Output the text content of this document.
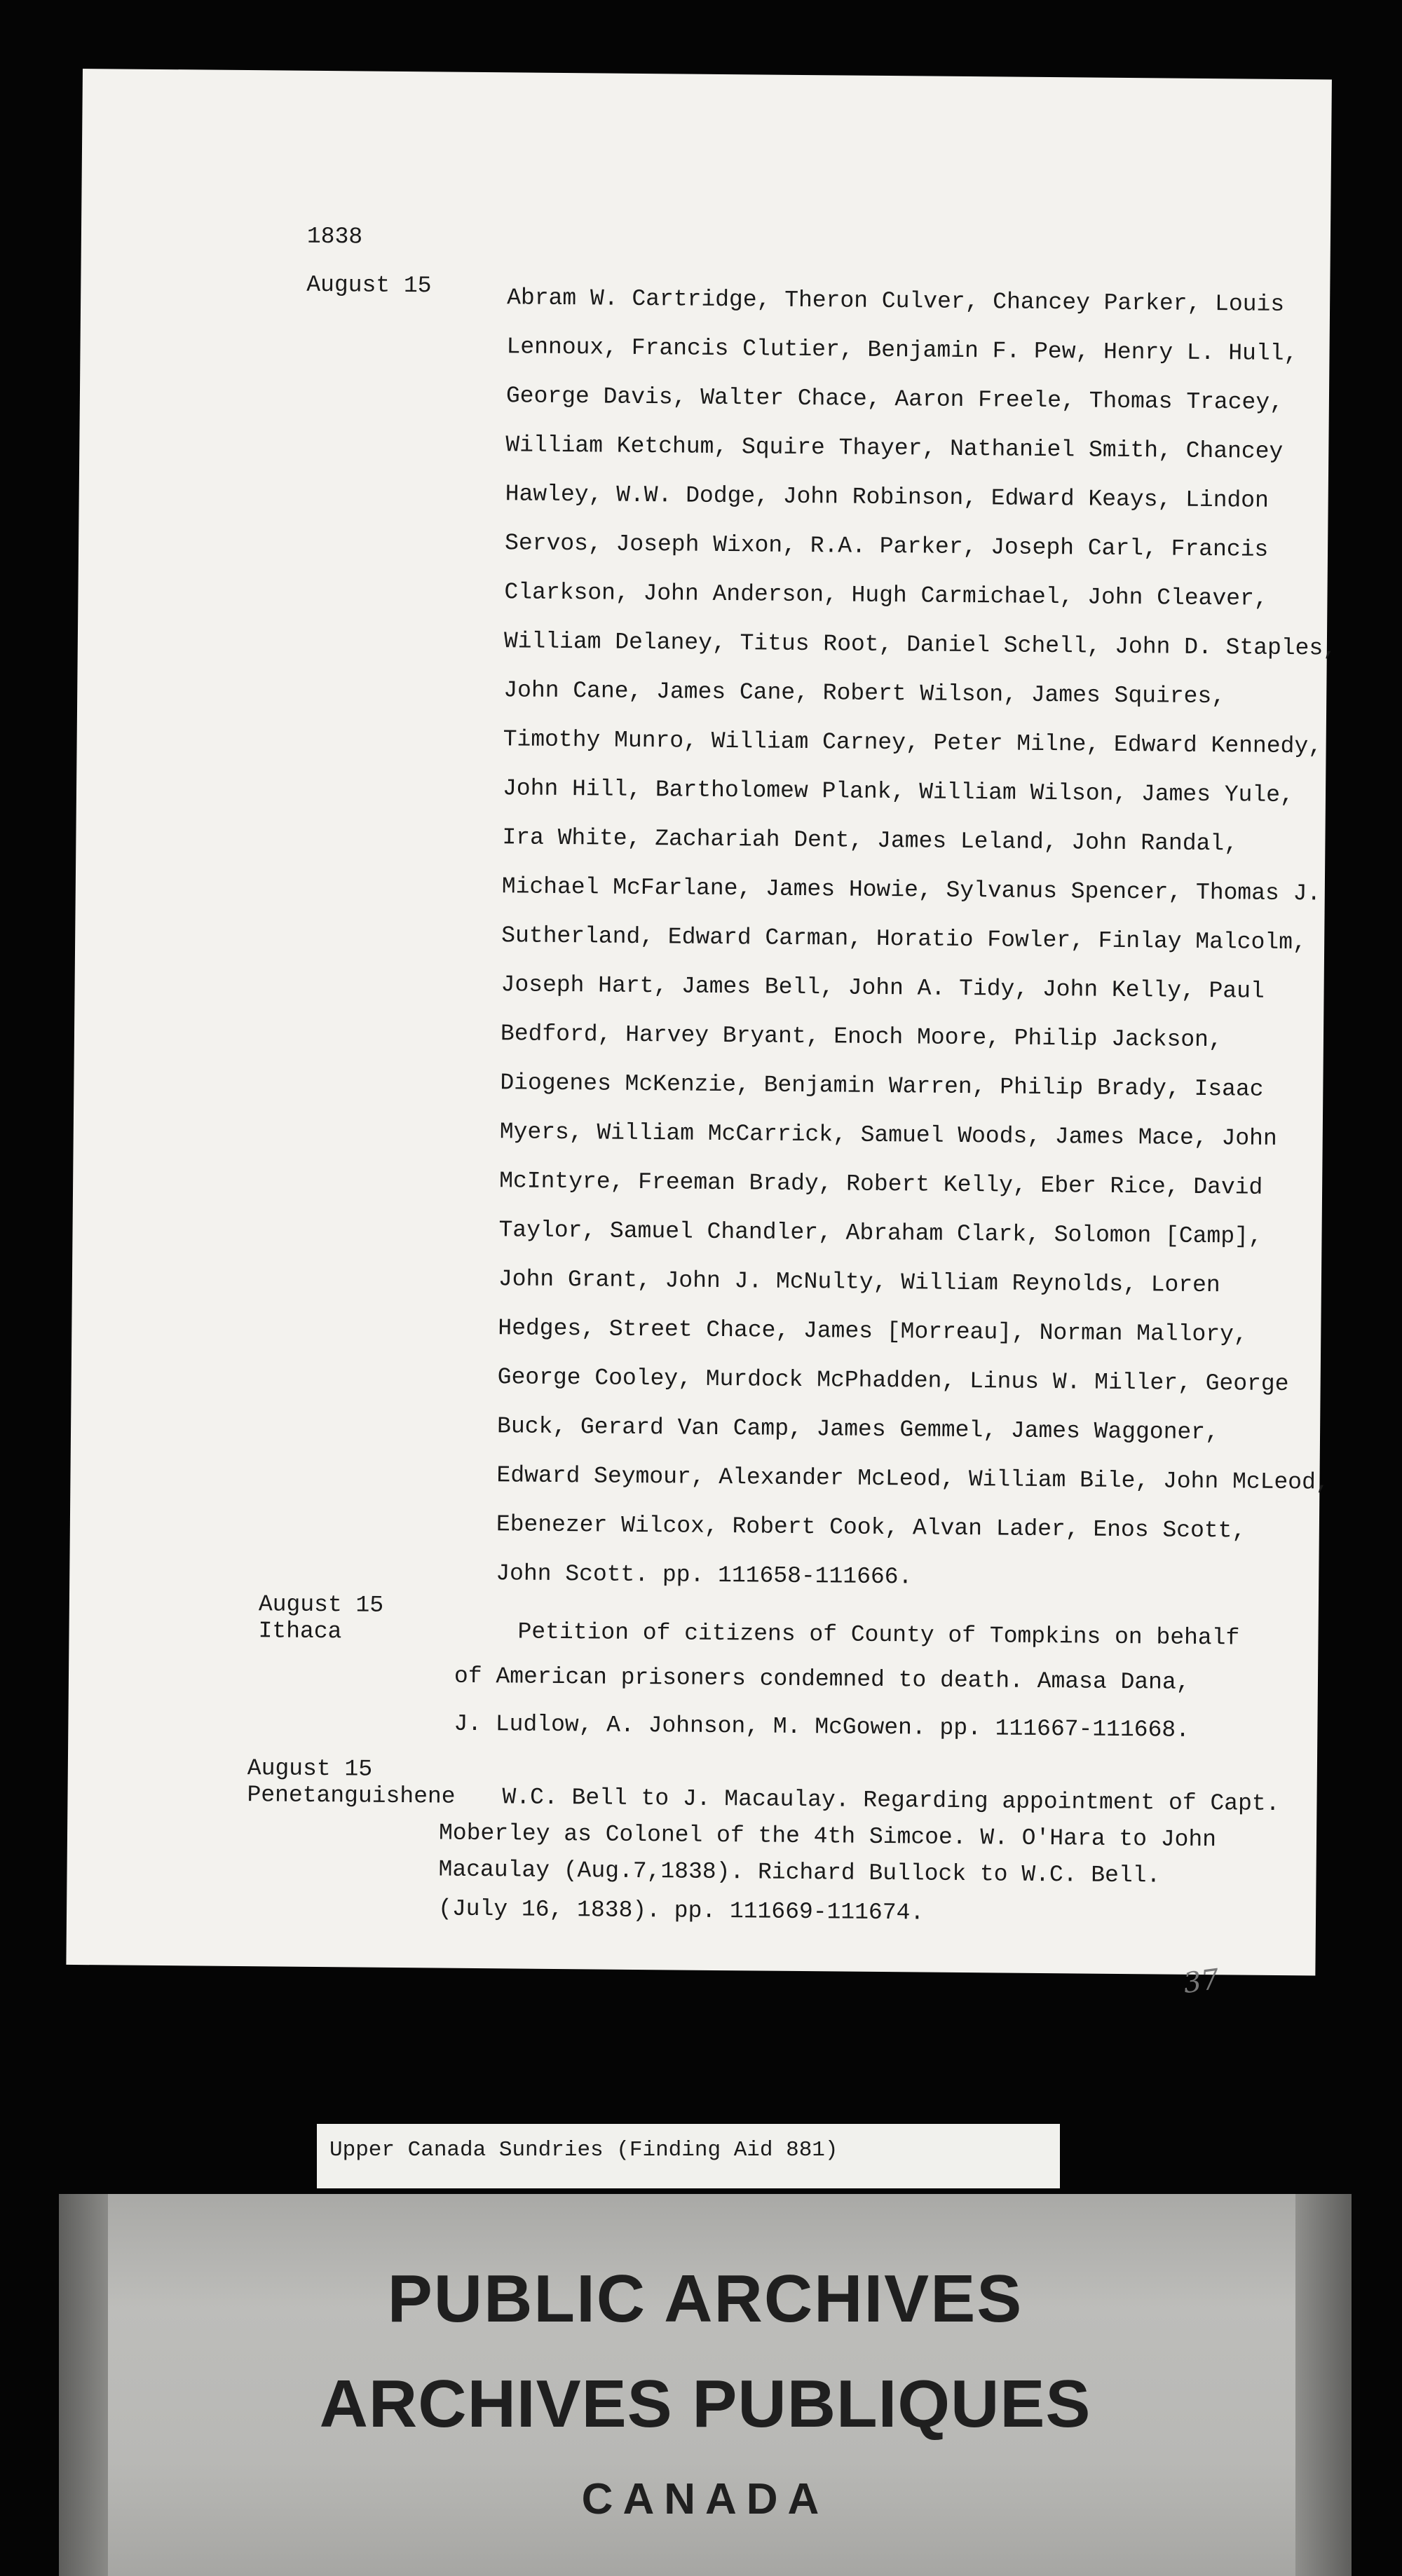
1838
August 15	Abram W. Cartridge, Theron Culver, Chancey Parker, Louis
Lennoux, Francis Clutier, Benjamin F. Pew, Henry L. Hull,
George Davis, Walter Chace, Aaron Freele, Thomas Tracey,
William Ketchum, Squire Thayer, Nathaniel Smith, Chancey
Hawley, W.W. Dodge, John Robinson, Edward Keays, Lindon
Servos, Joseph Wixon, R.A. Parker, Joseph Carl, Francis
Clarkson, John Anderson, Hugh Carmichael, John Cleaver,
William Delaney, Titus Root, Daniel Schell, John D. Staples,
John Cane, James Cane, Robert Wilson, James Squires,
Timothy Munro, William Carney, Peter Milne, Edward Kennedy,
John Hill, Bartholomew Plank, William Wilson, James Yule,
Ira White, Zachariah Dent, James Leland, John Randal,
Michael McFarlane, James Howie, Sylvanus Spencer, Thomas J.
Sutherland, Edward Carman, Horatio Fowler, Finlay Malcolm,
Joseph Hart, James Bell, John A. Tidy, John Kelly, Paul
Bedford, Harvey Bryant, Enoch Moore, Philip Jackson,
Diogenes McKenzie, Benjamin Warren, Philip Brady, Isaac
Myers, William McCarrick, Samuel Woods, James Mace, John
McIntyre, Freeman Brady, Robert Kelly, Eber Rice, David
Taylor, Samuel Chandler, Abraham Clark, Solomon [Camp],
John Grant, John J. McNulty, William Reynolds, Loren
Hedges, Street Chace, James [Morreau], Norman Mallory,
George Cooley, Murdock McPhadden, Linus W. Miller, George
Buck, Gerard Van Camp, James Gemmel, James Waggoner,
Edward Seymour, Alexander McLeod, William Bile, John McLeod,
Ebenezer Wilcox, Robert Cook, Alvan Lader, Enos Scott,
John Scott. pp. 111658-111666.
August 15
Ithaca	Petition of citizens of County of Tompkins on behalf
of American prisoners condemned to death. Amasa Dana,
J. Ludlow, A. Johnson, M. McGowen. pp. 111667-111668.
August 15
Penetanguishene W.C. Bell to J. Macaulay. Regarding appointment of Capt.
Moberley as Colonel of the 4th Simcoe. W. O'Hara to John
Macaulay (Aug.7,1838). Richard Bullock to W.C. Bell.
(July 16, 1838). pp. 111669-111674.
37
Upper Canada Sundries (Finding Aid 881)
PUBLIC ARCHIVES
ARCHIVES PUBLIQUES
CANADA
